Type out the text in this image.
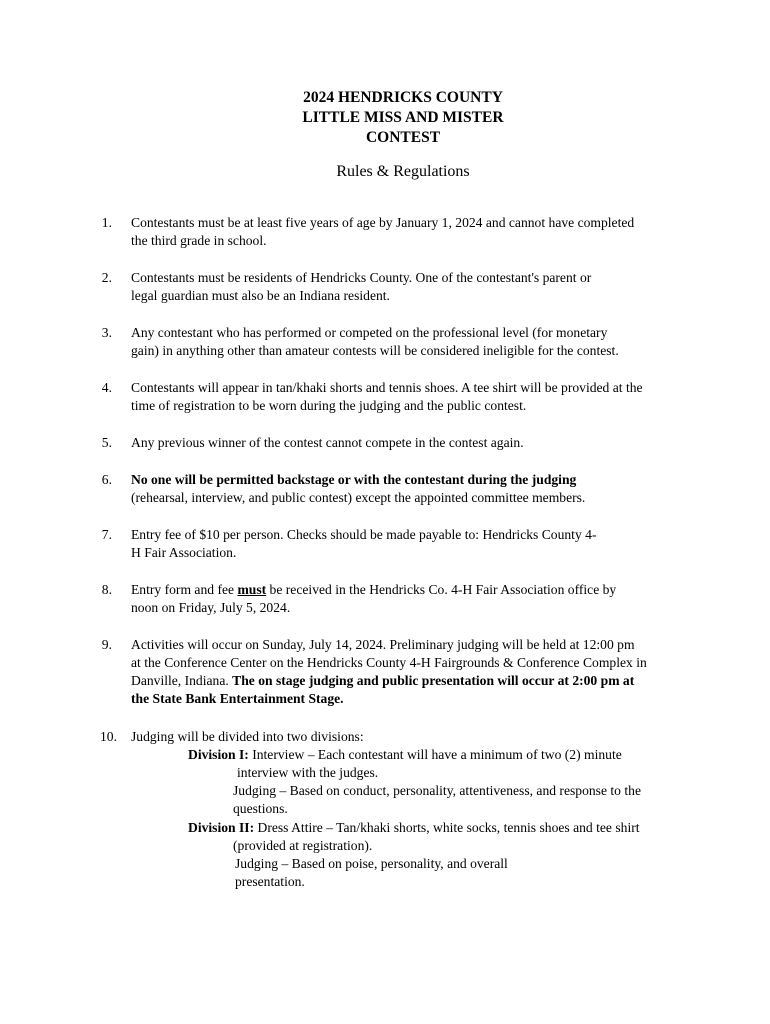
2024 HENDRICKS COUNTY
LITTLE MISS AND MISTER
CONTEST
Rules & Regulations
1. Contestants must be at least five years of age by January 1, 2024 and cannot have completed
the third grade in school.
2. Contestants must be residents of Hendricks County. One of the contestant's parent or
legal guardian must also be an Indiana resident.
3. Any contestant who has performed or competed on the professional level (for monetary
gain) in anything other than amateur contests will be considered ineligible for the contest.
4. Contestants will appear in tan/khaki shorts and tennis shoes. A tee shirt will be provided at the
time of registration to be worn during the judging and the public contest.
5. Any previous winner of the contest cannot compete in the contest again.
6. No one will be permitted backstage or with the contestant during the judging
(rehearsal, interview, and public contest) except the appointed committee members.
7. Entry fee of $10 per person. Checks should be made payable to: Hendricks County 4-
H Fair Association.
8. Entry form and fee must be received in the Hendricks Co. 4-H Fair Association office by
noon on Friday, July 5, 2024.
9. Activities will occur on Sunday, July 14, 2024. Preliminary judging will be held at 12:00 pm
at the Conference Center on the Hendricks County 4-H Fairgrounds & Conference Complex in
Danville, Indiana. The on stage judging and public presentation will occur at 2:00 pm at
the State Bank Entertainment Stage.
10. Judging will be divided into two divisions:
Division I: Interview – Each contestant will have a minimum of two (2) minute
interview with the judges.
Judging – Based on conduct, personality, attentiveness, and response to the
questions.
Division II: Dress Attire – Tan/khaki shorts, white socks, tennis shoes and tee shirt
(provided at registration).
Judging – Based on poise, personality, and overall
presentation.
